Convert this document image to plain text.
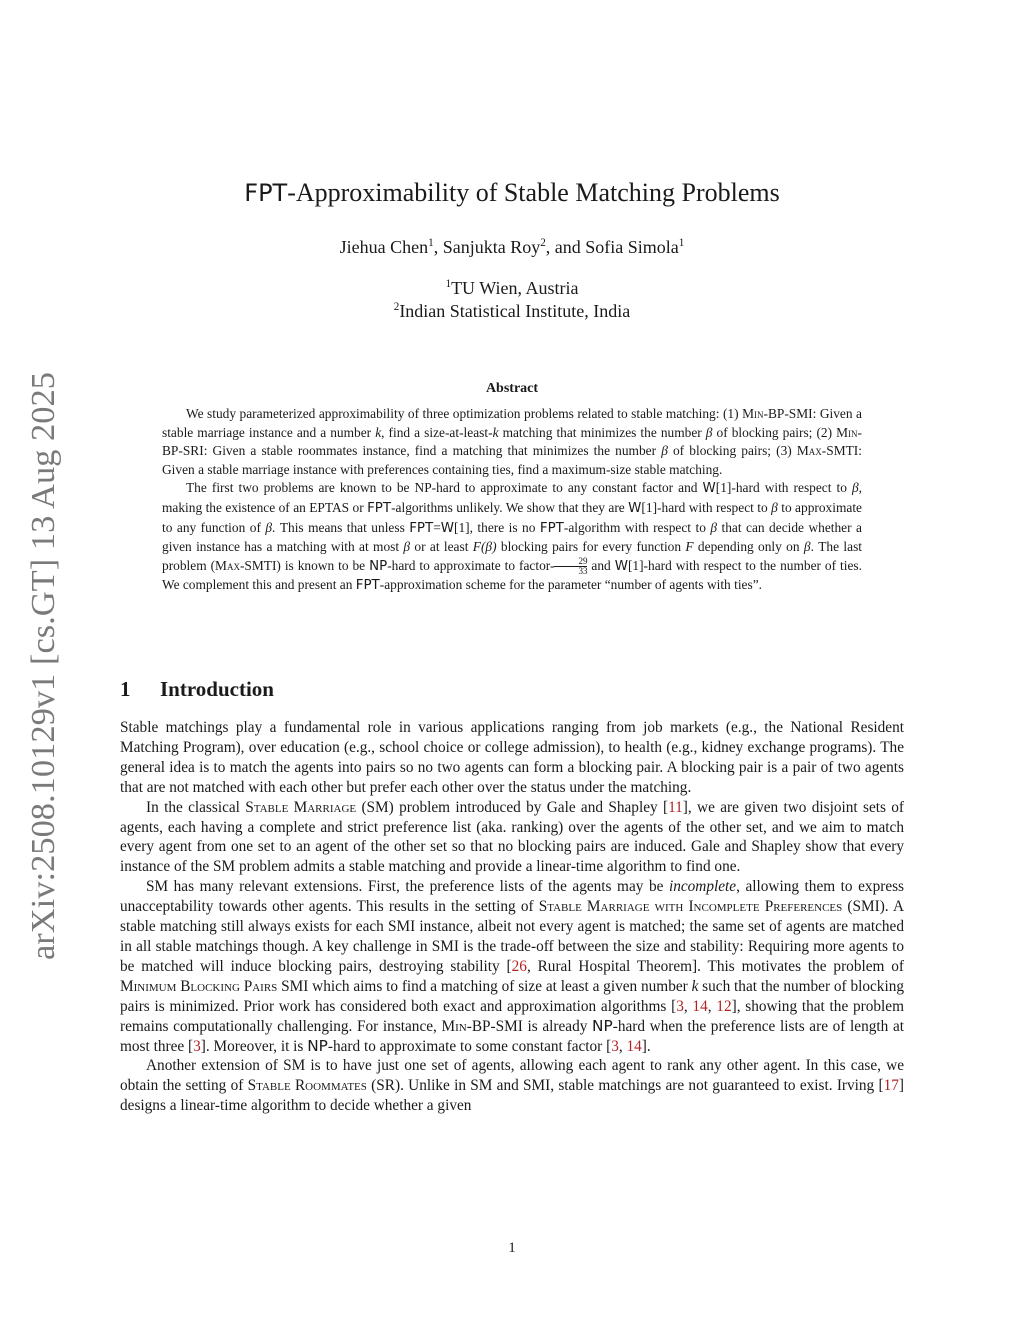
arXiv:2508.10129v1 [cs.GT] 13 Aug 2025
FPT-Approximability of Stable Matching Problems
Jiehua Chen$^1$, Sanjukta Roy$^2$, and Sofia Simola$^1$
$^1$TU Wien, Austria
$^2$Indian Statistical Institute, India
Abstract

We study parameterized approximability of three optimization problems related to stable matching: (1) Min-BP-SMI: Given a stable marriage instance and a number k, find a size-at-least-k matching that minimizes the number β of blocking pairs; (2) Min-BP-SRI: Given a stable roommates instance, find a matching that minimizes the number β of blocking pairs; (3) Max-SMTI: Given a stable marriage instance with preferences containing ties, find a maximum-size stable matching.

The first two problems are known to be NP-hard to approximate to any constant factor and W[1]-hard with respect to β, making the existence of an EPTAS or FPT-algorithms unlikely. We show that they are W[1]-hard with respect to β to approximate to any function of β. This means that unless FPT=W[1], there is no FPT-algorithm with respect to β that can decide whether a given instance has a matching with at most β or at least F(β) blocking pairs for every function F depending only on β. The last problem (Max-SMTI) is known to be NP-hard to approximate to factor- $\frac{29}{33}$ and W[1]-hard with respect to the number of ties. We complement this and present an FPT-approximation scheme for the parameter “number of agents with ties”.

1 Introduction

Stable matchings play a fundamental role in various applications ranging from job markets (e.g., the National Resident Matching Program), over education (e.g., school choice or college admission), to health (e.g., kidney exchange programs). The general idea is to match the agents into pairs so no two agents can form a blocking pair. A blocking pair is a pair of two agents that are not matched with each other but prefer each other over the status under the matching.

In the classical Stable Marriage (SM) problem introduced by Gale and Shapley [11], we are given two disjoint sets of agents, each having a complete and strict preference list (aka. ranking) over the agents of the other set, and we aim to match every agent from one set to an agent of the other set so that no blocking pairs are induced. Gale and Shapley show that every instance of the SM problem admits a stable matching and provide a linear-time algorithm to find one.

SM has many relevant extensions. First, the preference lists of the agents may be incomplete, allowing them to express unacceptability towards other agents. This results in the setting of Stable Marriage with Incomplete Preferences (SMI). A stable matching still always exists for each SMI instance, albeit not every agent is matched; the same set of agents are matched in all stable matchings though. A key challenge in SMI is the trade-off between the size and stability: Requiring more agents to be matched will induce blocking pairs, destroying stability [26, Rural Hospital Theorem]. This motivates the problem of Minimum Blocking Pairs SMI which aims to find a matching of size at least a given number k such that the number of blocking pairs is minimized. Prior work has considered both exact and approximation algorithms [3, 14, 12], showing that the problem remains computationally challenging. For instance, Min-BP-SMI is already NP-hard when the preference lists are of length at most three [3]. Moreover, it is NP-hard to approximate to some constant factor [3, 14].

Another extension of SM is to have just one set of agents, allowing each agent to rank any other agent. In this case, we obtain the setting of Stable Roommates (SR). Unlike in SM and SMI, stable matchings are not guaranteed to exist. Irving [17] designs a linear-time algorithm to decide whether a given

1
